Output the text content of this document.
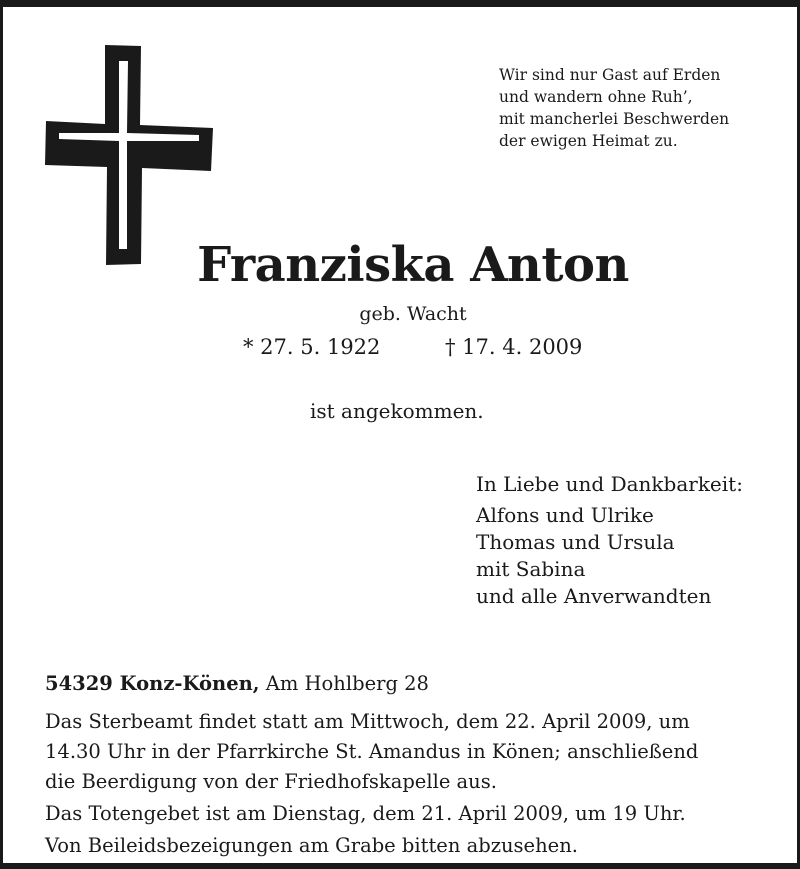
Wir sind nur Gast auf Erden
und wandern ohne Ruh’,
mit mancherlei Beschwerden
der ewigen Heimat zu.
Franziska Anton
geb. Wacht
* 27. 5. 1922	† 17. 4. 2009
ist angekommen.
In Liebe und Dankbarkeit:
Alfons und Ulrike
Thomas und Ursula
mit Sabina
und alle Anverwandten
54329 Konz-Könen, Am Hohlberg 28

Das Sterbeamt findet statt am Mittwoch, dem 22. April 2009, um

14.30 Uhr in der Pfarrkirche St. Amandus in Könen; anschließend

die Beerdigung von der Friedhofskapelle aus.

Das Totengebet ist am Dienstag, dem 21. April 2009, um 19 Uhr.

Von Beileidsbezeigungen am Grabe bitten abzusehen.
